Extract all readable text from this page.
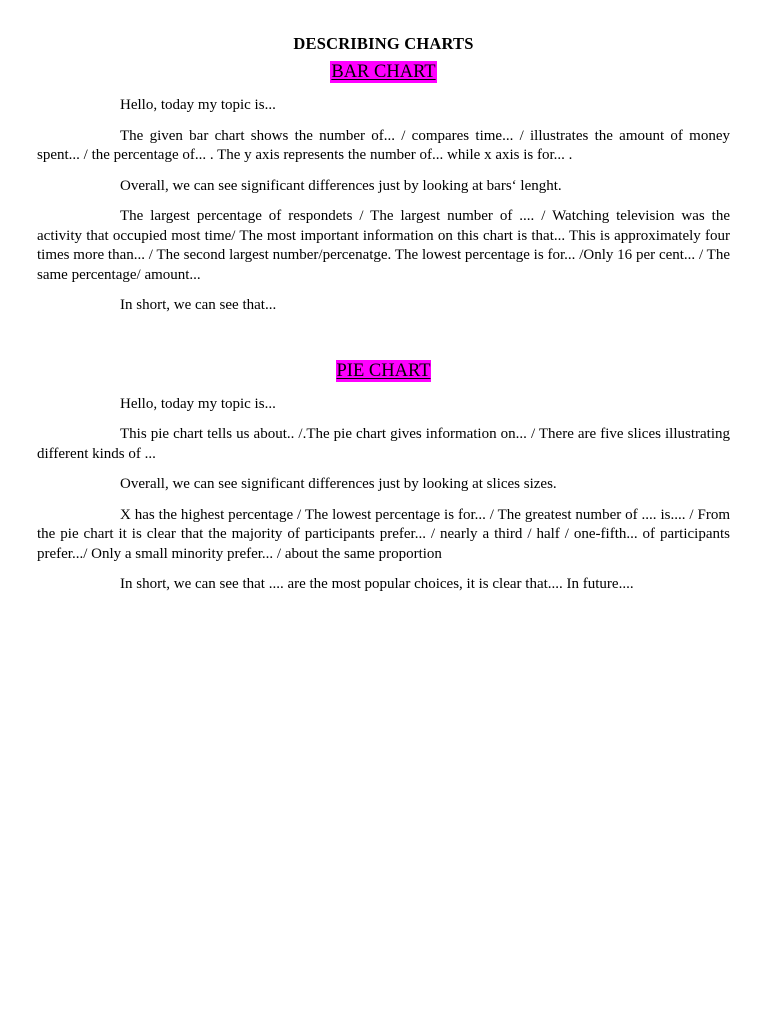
DESCRIBING CHARTS
BAR CHART

Hello, today my topic is...

The given bar chart shows the number of... / compares time... / illustrates the amount of money spent... / the percentage of... . The y axis represents the number of... while x axis is for... .

Overall, we can see significant differences just by looking at bars‘ lenght.

The largest percentage of respondets / The largest number of .... / Watching television was the activity that occupied most time/ The most important information on this chart is that... This is approximately four times more than... / The second largest number/percenatge. The lowest percentage is for... /Only 16 per cent... / The same percentage/ amount...

In short, we can see that...

PIE CHART

Hello, today my topic is...

This pie chart tells us about.. /.The pie chart gives information on... / There are five slices illustrating different kinds of ...

Overall, we can see significant differences just by looking at slices sizes.

X has the highest percentage / The lowest percentage is for... / The greatest number of .... is.... / From the pie chart it is clear that the majority of participants prefer... / nearly a third / half / one-fifth... of participants prefer.../ Only a small minority prefer... / about the same proportion

In short, we can see that .... are the most popular choices, it is clear that.... In future....
